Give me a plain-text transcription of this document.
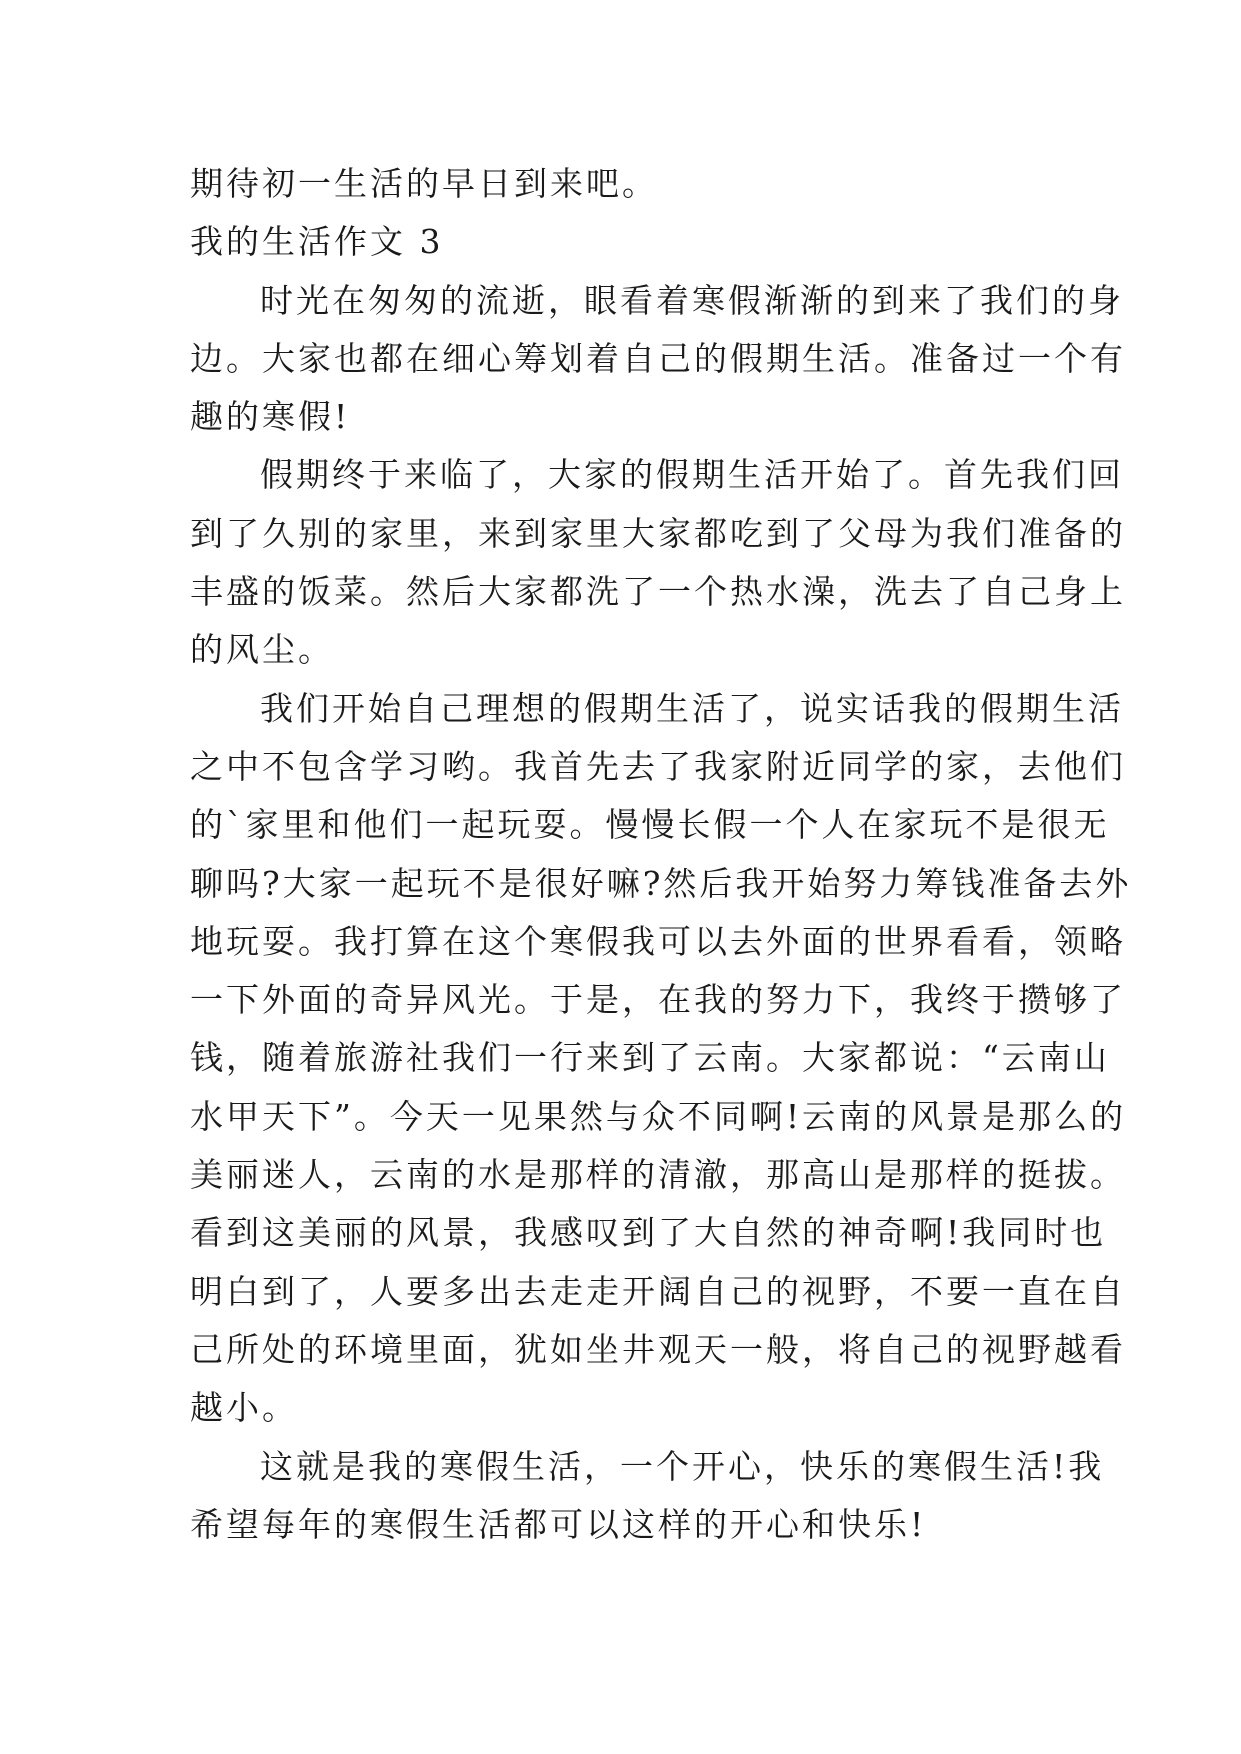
期待初一生活的早日到来吧。
我的生活作文 3
时光在匆匆的流逝，眼看着寒假渐渐的到来了我们的身
边。大家也都在细心筹划着自己的假期生活。准备过一个有
趣的寒假!
假期终于来临了，大家的假期生活开始了。首先我们回
到了久别的家里，来到家里大家都吃到了父母为我们准备的
丰盛的饭菜。然后大家都洗了一个热水澡，洗去了自己身上
的风尘。
我们开始自己理想的假期生活了，说实话我的假期生活
之中不包含学习哟。我首先去了我家附近同学的家，去他们
的`家里和他们一起玩耍。慢慢长假一个人在家玩不是很无
聊吗?大家一起玩不是很好嘛?然后我开始努力筹钱准备去外
地玩耍。我打算在这个寒假我可以去外面的世界看看，领略
一下外面的奇异风光。于是，在我的努力下，我终于攒够了
钱，随着旅游社我们一行来到了云南。大家都说：“云南山
水甲天下”。今天一见果然与众不同啊!云南的风景是那么的
美丽迷人，云南的水是那样的清澈，那高山是那样的挺拔。
看到这美丽的风景，我感叹到了大自然的神奇啊!我同时也
明白到了，人要多出去走走开阔自己的视野，不要一直在自
己所处的环境里面，犹如坐井观天一般，将自己的视野越看
越小。
这就是我的寒假生活，一个开心，快乐的寒假生活!我
希望每年的寒假生活都可以这样的开心和快乐!
